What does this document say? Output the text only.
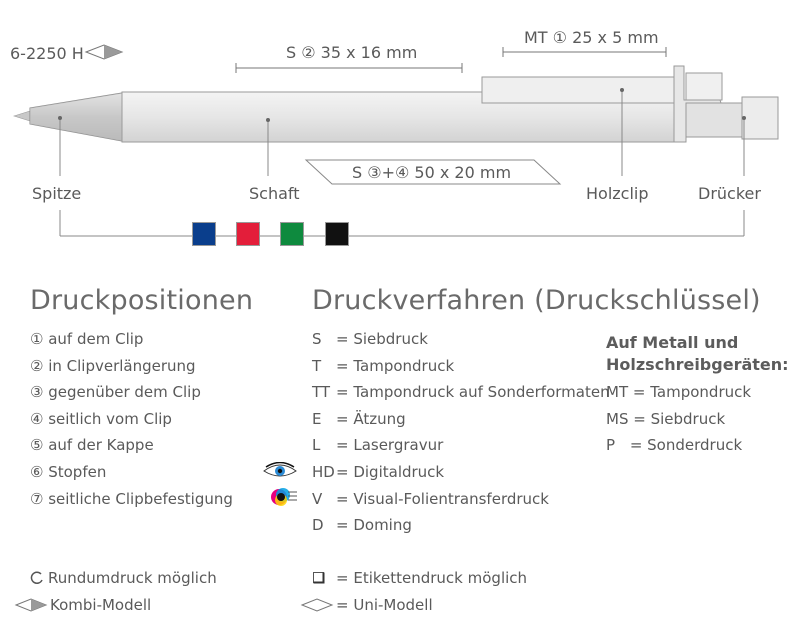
6-2250 H	S ② 35 x 16 mm
MT ① 25 x 5 mm
S ③+④ 50 x 20 mm
Spitze	Schaft	Holzclip	Drücker
Druckpositionen Druckverfahren (Druckschlüssel)
① auf dem Clip
② in Clipverlängerung
③ gegenüber dem Clip
④ seitlich vom Clip
⑤ auf der Kappe
⑥ Stopfen
⑦ seitliche Clipbefestigung
S = Siebdruck
T = Tampondruck
TT = Tampondruck auf Sonderformaten
E = Ätzung
L = Lasergravur
HD = Digitaldruck
V = Visual-Folientransferdruck
D = Doming
Auf Metall und Holzschreibgeräten:
MT = Tampondruck
MS = Siebdruck
P = Sonderdruck
Rundumdruck möglich
Kombi-Modell
= Etikettendruck möglich
= Uni-Modell
